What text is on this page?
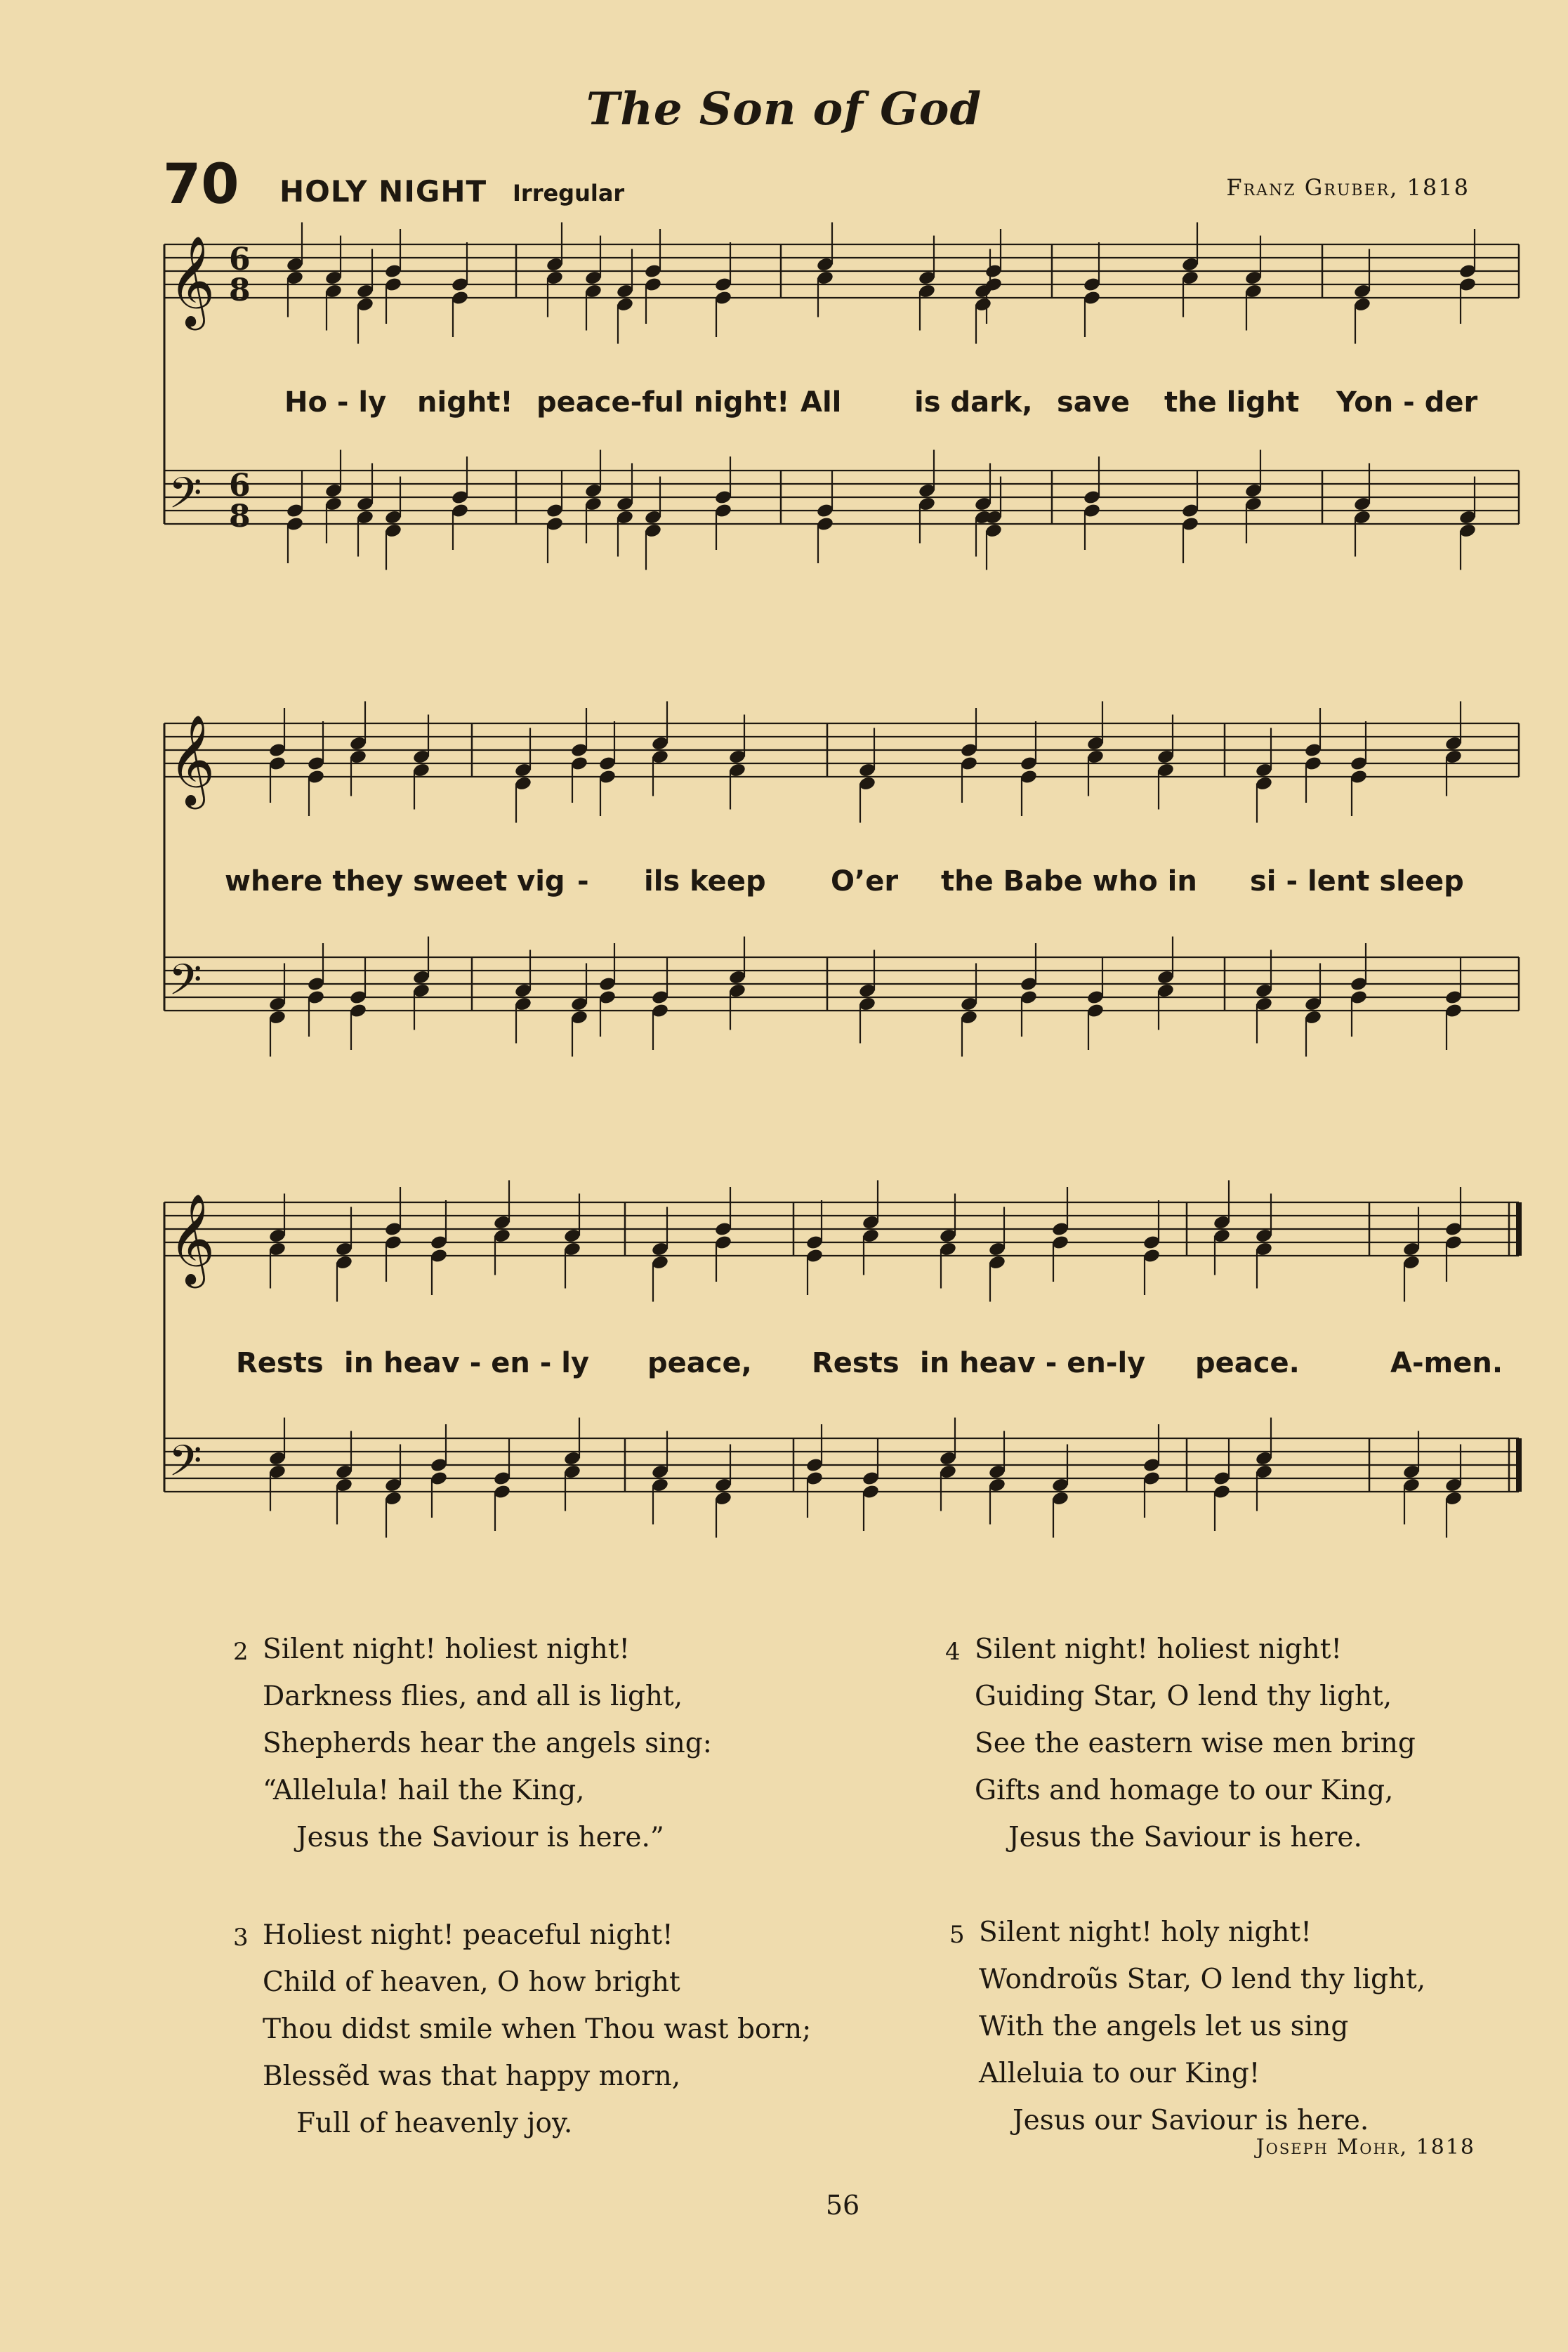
The Son of God
70 HOLY NIGHT Irregular	Franz Gruber, 1818
𝄞
𝄢
6
8
6
8
𝄞
𝄢
𝄞
𝄢
Ho - ly night! peace-ful night! All	is dark, save the light Yon - der
where they sweet vig - ils keep O’er the Babe who in si - lent sleep
Rests in heav - en - ly peace, Rests in heav - en-ly peace.	A-men.
2 Silent night! holiest night!
Darkness flies, and all is light,
Shepherds hear the angels sing:
“Allelula! hail the King,
Jesus the Saviour is here.”
3 Holiest night! peaceful night!
Child of heaven, O how bright
Thou didst smile when Thou wast born;
Blessẽd was that happy morn,
Full of heavenly joy.
4 Silent night! holiest night!
Guiding Star, O lend thy light,
See the eastern wise men bring
Gifts and homage to our King,
Jesus the Saviour is here.
5 Silent night! holy night!
Wondroũs Star, O lend thy light,
With the angels let us sing
Alleluia to our King!
Jesus our Saviour is here.
Joseph Mohr, 1818
56
